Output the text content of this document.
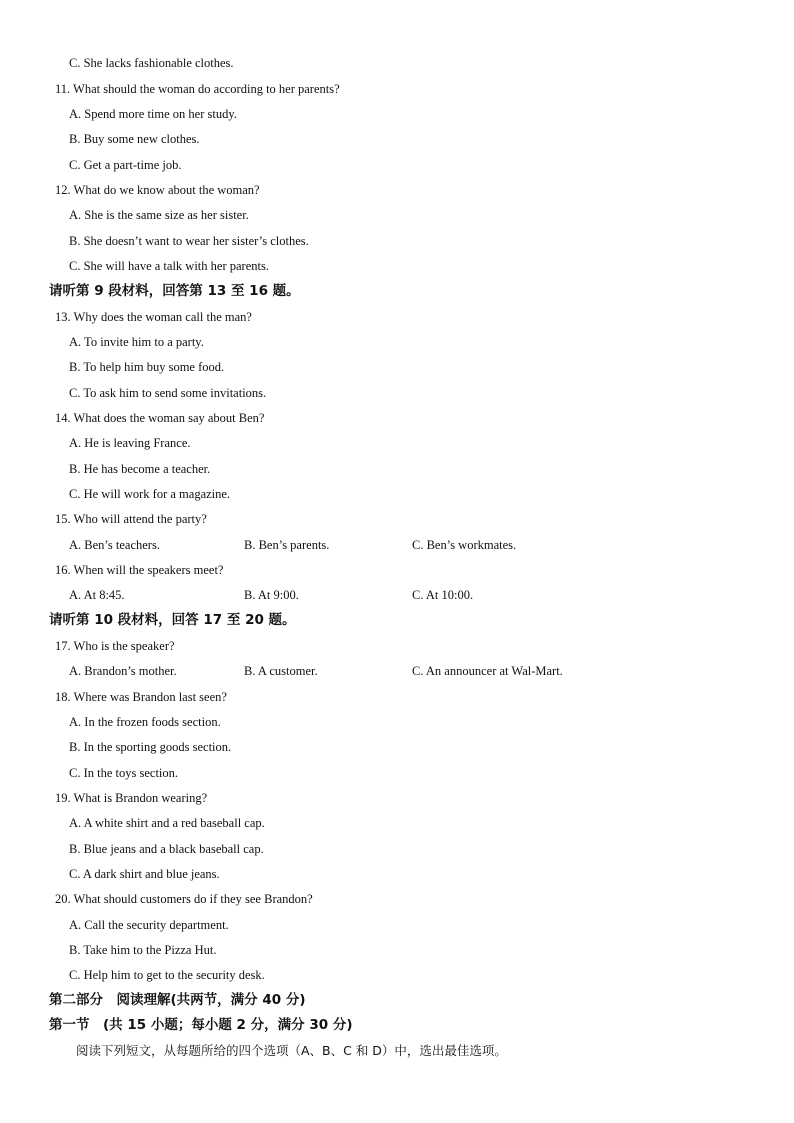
C. She lacks fashionable clothes.
11. What should the woman do according to her parents?
A. Spend more time on her study.
B. Buy some new clothes.
C. Get a part-time job.
12. What do we know about the woman?
A. She is the same size as her sister.
B. She doesn’t want to wear her sister’s clothes.
C. She will have a talk with her parents.
请听第 9 段材料，回答第 13 至 16 题。
13. Why does the woman call the man?
A. To invite him to a party.
B. To help him buy some food.
C. To ask him to send some invitations.
14. What does the woman say about Ben?
A. He is leaving France.
B. He has become a teacher.
C. He will work for a magazine.
15. Who will attend the party?
A. Ben’s teachers.	B. Ben’s parents.	C. Ben’s workmates.
16. When will the speakers meet?
A. At 8:45.	B. At 9:00.	C. At 10:00.
请听第 10 段材料，回答 17 至 20 题。
17. Who is the speaker?
A. Brandon’s mother.	B. A customer.	C. An announcer at Wal-Mart.
18. Where was Brandon last seen?
A. In the frozen foods section.
B. In the sporting goods section.
C. In the toys section.
19. What is Brandon wearing?
A. A white shirt and a red baseball cap.
B. Blue jeans and a black baseball cap.
C. A dark shirt and blue jeans.
20. What should customers do if they see Brandon?
A. Call the security department.
B. Take him to the Pizza Hut.
C. Help him to get to the security desk.
第二部分　阅读理解(共两节，满分 40 分)
第一节　(共 15 小题；每小题 2 分，满分 30 分)
阅读下列短文，从每题所给的四个选项（A、B、C 和 D）中，选出最佳选项。
